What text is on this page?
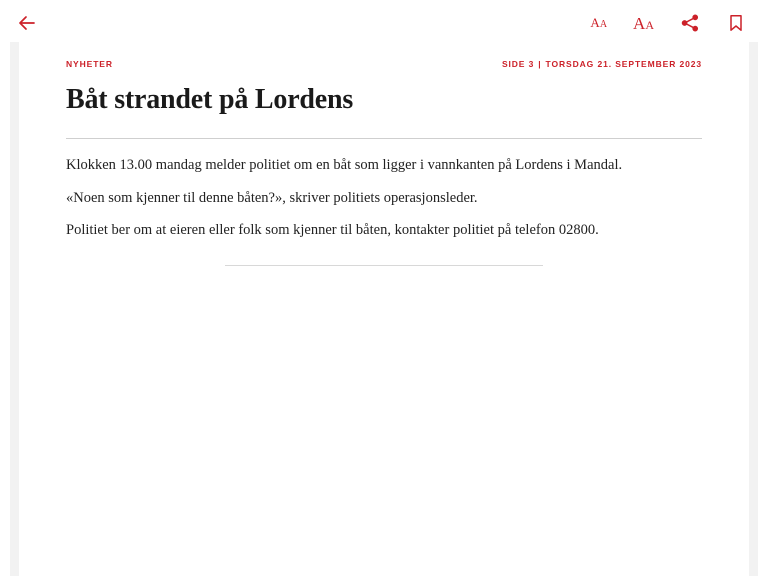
A A A A
NYHETER	SIDE 3 | TORSDAG 21. SEPTEMBER 2023
Båt strandet på Lordens

Klokken 13.00 mandag melder politiet om en båt som ligger i vannkanten på Lordens i Mandal.

«Noen som kjenner til denne båten?», skriver politiets operasjonsleder.

Politiet ber om at eieren eller folk som kjenner til båten, kontakter politiet på telefon 02800.
